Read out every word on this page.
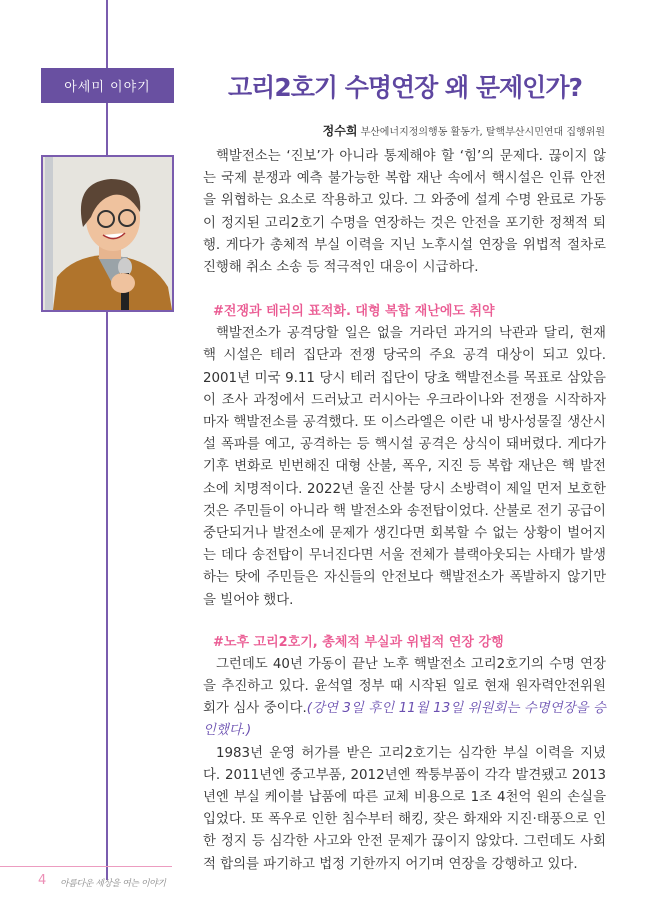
아세미 이야기	고리2호기 수명연장 왜 문제인가?
정수희 부산에너지정의행동 활동가, 탈핵부산시민연대 집행위원

핵발전소는 ‘진보’가 아니라 통제해야 할 ‘힘’의 문제다. 끊이지 않는 국제 분쟁과 예측 불가능한 복합 재난 속에서 핵시설은 인류 안전을 위협하는 요소로 작용하고 있다. 그 와중에 설계 수명 완료로 가동이 정지된 고리2호기 수명을 연장하는 것은 안전을 포기한 정책적 퇴행. 게다가 총체적 부실 이력을 지닌 노후시설 연장을 위법적 절차로 진행해 취소 소송 등 적극적인 대응이 시급하다.

#전쟁과 테러의 표적화. 대형 복합 재난에도 취약

핵발전소가 공격당할 일은 없을 거라던 과거의 낙관과 달리, 현재 핵 시설은 테러 집단과 전쟁 당국의 주요 공격 대상이 되고 있다. 2001년 미국 9.11 당시 테러 집단이 당초 핵발전소를 목표로 삼았음이 조사 과정에서 드러났고 러시아는 우크라이나와 전쟁을 시작하자마자 핵발전소를 공격했다. 또 이스라엘은 이란 내 방사성물질 생산시설 폭파를 예고, 공격하는 등 핵시설 공격은 상식이 돼버렸다. 게다가 기후 변화로 빈번해진 대형 산불, 폭우, 지진 등 복합 재난은 핵 발전소에 치명적이다. 2022년 울진 산불 당시 소방력이 제일 먼저 보호한 것은 주민들이 아니라 핵 발전소와 송전탑이었다. 산불로 전기 공급이 중단되거나 발전소에 문제가 생긴다면 회복할 수 없는 상황이 벌어지는 데다 송전탑이 무너진다면 서울 전체가 블랙아웃되는 사태가 발생하는 탓에 주민들은 자신들의 안전보다 핵발전소가 폭발하지 않기만을 빌어야 했다.

#노후 고리2호기, 총체적 부실과 위법적 연장 강행

그런데도 40년 가동이 끝난 노후 핵발전소 고리2호기의 수명 연장을 추진하고 있다. 윤석열 정부 때 시작된 일로 현재 원자력안전위원회가 심사 중이다.(강연 3일 후인 11월 13일 위원회는 수명연장을 승인했다.)

1983년 운영 허가를 받은 고리2호기는 심각한 부실 이력을 지녔다. 2011년엔 중고부품, 2012년엔 짝퉁부품이 각각 발견됐고 2013년엔 부실 케이블 납품에 따른 교체 비용으로 1조 4천억 원의 손실을 입었다. 또 폭우로 인한 침수부터 해킹, 잦은 화재와 지진·태풍으로 인한 정지 등 심각한 사고와 안전 문제가 끊이지 않았다. 그런데도 사회적 합의를 파기하고 법정 기한까지 어기며 연장을 강행하고 있다.

4 아름다운 세상을 여는 이야기
